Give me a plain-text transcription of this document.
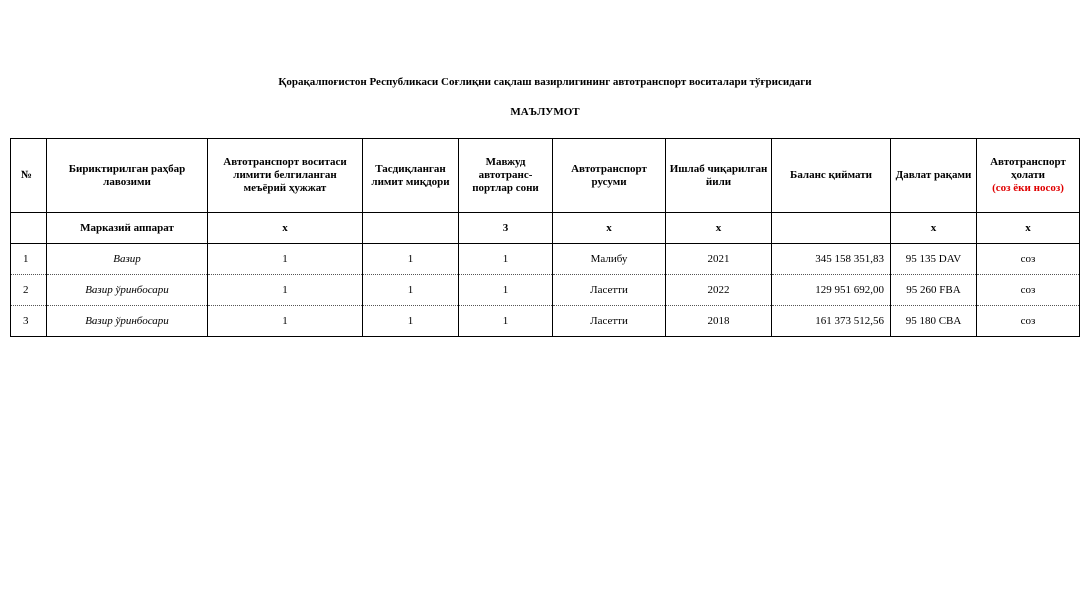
Қорақалпоғистон Республикаси Соғлиқни сақлаш вазирлигининг автотранспорт воситалари тўғрисидаги
МАЪЛУМОТ
№	Бириктирилган раҳбар лавозими	Автотранспорт воситаси лимити белгиланган меъёрий ҳужжат	Тасдиқланган лимит миқдори	Мавжуд автотранс-портлар сони	Автотранспорт русуми	Ишлаб чиқарилган йили	Баланс қиймати	Давлат рақами	Автотранспорт ҳолати
(соз ёки носоз)
	Марказий аппарат	х		3	х	х		х	х
1	Вазир	1	1	1	Малибу	2021	345 158 351,83	95 135 DAV	соз
2	Вазир ўринбосари	1	1	1	Ласетти	2022	129 951 692,00	95 260 FBA	соз
3	Вазир ўринбосари	1	1	1	Ласетти	2018	161 373 512,56	95 180 CBA	соз
